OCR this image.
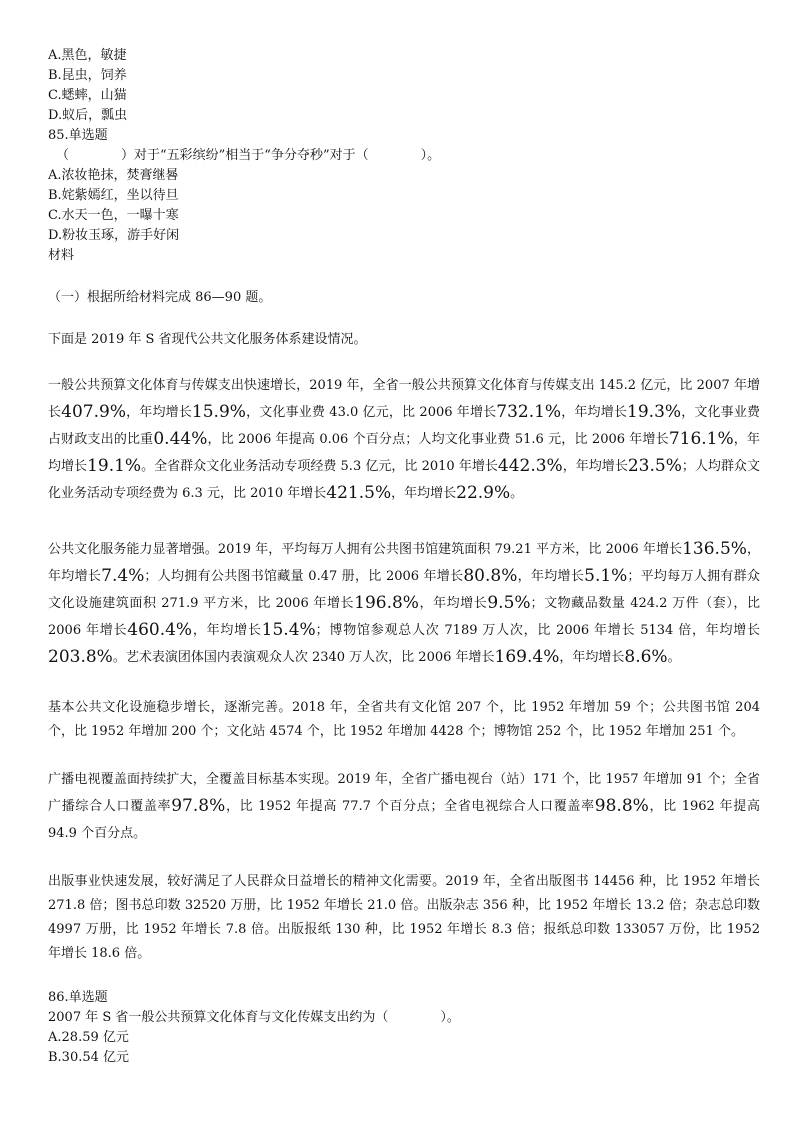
A.黑色，敏捷
B.昆虫，饲养
C.蟋蟀，山猫
D.蚁后，瓢虫
85.单选题
（　　　　）对于“五彩缤纷”相当于“争分夺秒”对于（　　　　）。
A.浓妆艳抹，焚膏继晷
B.姹紫嫣红，坐以待旦
C.水天一色，一曝十寒
D.粉妆玉琢，游手好闲
材料
（一）根据所给材料完成 86—90 题。
下面是 2019 年 S 省现代公共文化服务体系建设情况。
一般公共预算文化体育与传媒支出快速增长，2019 年，全省一般公共预算文化体育与传媒支出 145.2 亿元，比 2007 年增长407.9%，年均增长15.9%，文化事业费 43.0 亿元，比 2006 年增长732.1%，年均增长19.3%，文化事业费占财政支出的比重0.44%，比 2006 年提高 0.06 个百分点；人均文化事业费 51.6 元，比 2006 年增长716.1%，年均增长19.1%。全省群众文化业务活动专项经费 5.3 亿元，比 2010 年增长442.3%，年均增长23.5%；人均群众文化业务活动专项经费为 6.3 元，比 2010 年增长421.5%，年均增长22.9%。
公共文化服务能力显著增强。2019 年，平均每万人拥有公共图书馆建筑面积 79.21 平方米，比 2006 年增长136.5%，年均增长7.4%；人均拥有公共图书馆藏量 0.47 册，比 2006 年增长80.8%，年均增长5.1%；平均每万人拥有群众文化设施建筑面积 271.9 平方米，比 2006 年增长196.8%，年均增长9.5%；文物藏品数量 424.2 万件（套），比 2006 年增长460.4%，年均增长15.4%；博物馆参观总人次 7189 万人次，比 2006 年增长 5134 倍，年均增长203.8%。艺术表演团体国内表演观众人次 2340 万人次，比 2006 年增长169.4%，年均增长8.6%。
基本公共文化设施稳步增长，逐渐完善。2018 年，全省共有文化馆 207 个，比 1952 年增加 59 个；公共图书馆 204 个，比 1952 年增加 200 个；文化站 4574 个，比 1952 年增加 4428 个；博物馆 252 个，比 1952 年增加 251 个。
广播电视覆盖面持续扩大，全覆盖目标基本实现。2019 年，全省广播电视台（站）171 个，比 1957 年增加 91 个；全省广播综合人口覆盖率97.8%，比 1952 年提高 77.7 个百分点；全省电视综合人口覆盖率98.8%，比 1962 年提高 94.9 个百分点。
出版事业快速发展，较好满足了人民群众日益增长的精神文化需要。2019 年，全省出版图书 14456 种，比 1952 年增长 271.8 倍；图书总印数 32520 万册，比 1952 年增长 21.0 倍。出版杂志 356 种，比 1952 年增长 13.2 倍；杂志总印数 4997 万册，比 1952 年增长 7.8 倍。出版报纸 130 种，比 1952 年增长 8.3 倍；报纸总印数 133057 万份，比 1952 年增长 18.6 倍。
86.单选题
2007 年 S 省一般公共预算文化体育与文化传媒支出约为（　　　　）。
A.28.59 亿元
B.30.54 亿元
